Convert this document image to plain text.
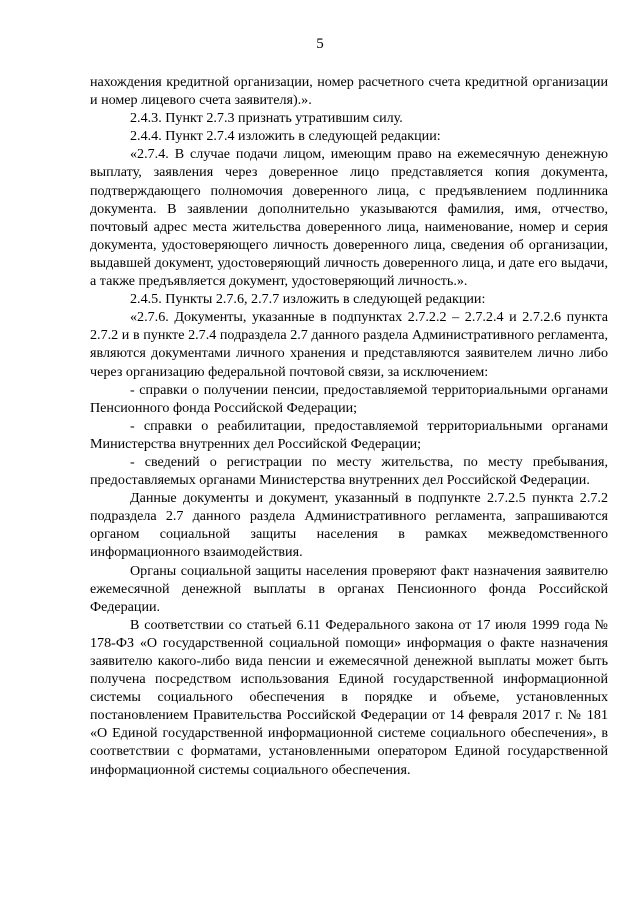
5

нахождения кредитной организации, номер расчетного счета кредитной организации и номер лицевого счета заявителя).».

2.4.3. Пункт 2.7.3 признать утратившим силу.

2.4.4. Пункт 2.7.4 изложить в следующей редакции:

«2.7.4. В случае подачи лицом, имеющим право на ежемесячную денежную выплату, заявления через доверенное лицо представляется копия документа, подтверждающего полномочия доверенного лица, с предъявлением подлинника документа. В заявлении дополнительно указываются фамилия, имя, отчество, почтовый адрес места жительства доверенного лица, наименование, номер и серия документа, удостоверяющего личность доверенного лица, сведения об организации, выдавшей документ, удостоверяющий личность доверенного лица, и дате его выдачи, а также предъявляется документ, удостоверяющий личность.».

2.4.5. Пункты 2.7.6, 2.7.7 изложить в следующей редакции:

«2.7.6. Документы, указанные в подпунктах 2.7.2.2 – 2.7.2.4 и 2.7.2.6 пункта 2.7.2 и в пункте 2.7.4 подраздела 2.7 данного раздела Административного регламента, являются документами личного хранения и представляются заявителем лично либо через организацию федеральной почтовой связи, за исключением:

- справки о получении пенсии, предоставляемой территориальными органами Пенсионного фонда Российской Федерации;

- справки о реабилитации, предоставляемой территориальными органами Министерства внутренних дел Российской Федерации;

- сведений о регистрации по месту жительства, по месту пребывания, предоставляемых органами Министерства внутренних дел Российской Федерации.

Данные документы и документ, указанный в подпункте 2.7.2.5 пункта 2.7.2 подраздела 2.7 данного раздела Административного регламента, запрашиваются органом социальной защиты населения в рамках межведомственного информационного взаимодействия.

Органы социальной защиты населения проверяют факт назначения заявителю ежемесячной денежной выплаты в органах Пенсионного фонда Российской Федерации.

В соответствии со статьей 6.11 Федерального закона от 17 июля 1999 года № 178-ФЗ «О государственной социальной помощи» информация о факте назначения заявителю какого-либо вида пенсии и ежемесячной денежной выплаты может быть получена посредством использования Единой государственной информационной системы социального обеспечения в порядке и объеме, установленных постановлением Правительства Российской Федерации от 14 февраля 2017 г. № 181 «О Единой государственной информационной системе социального обеспечения», в соответствии с форматами, установленными оператором Единой государственной информационной системы социального обеспечения.
